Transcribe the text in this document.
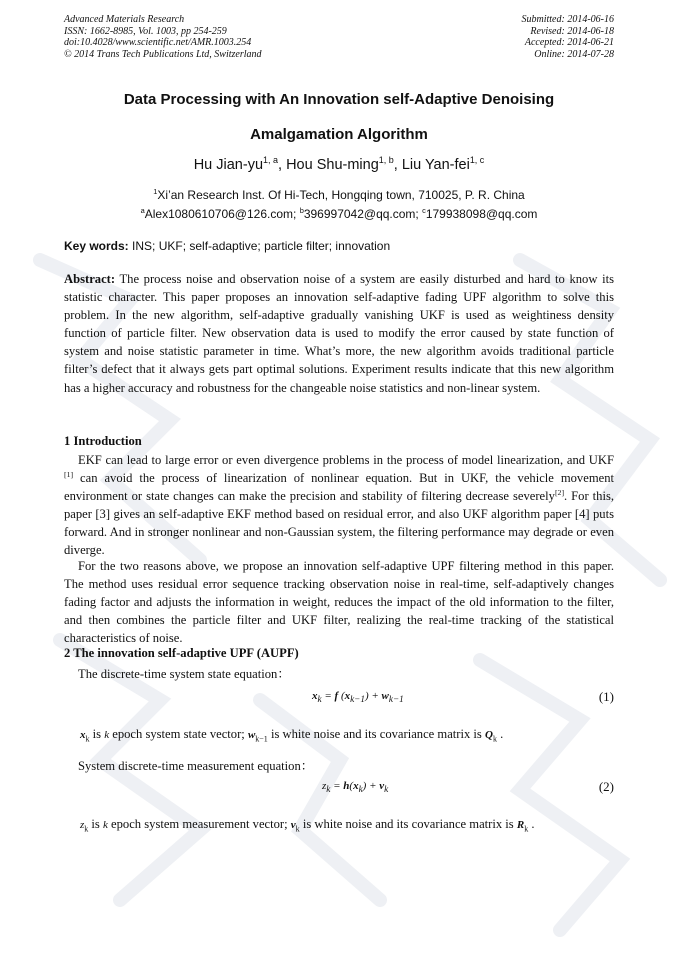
Advanced Materials Research
ISSN: 1662-8985, Vol. 1003, pp 254-259
doi:10.4028/www.scientific.net/AMR.1003.254
© 2014 Trans Tech Publications Ltd, Switzerland
Submitted: 2014-06-16
Revised: 2014-06-18
Accepted: 2014-06-21
Online: 2014-07-28
Data Processing with An Innovation self-Adaptive Denoising
Amalgamation Algorithm
Hu Jian-yu$^{1, a}$, Hou Shu-ming$^{1, b}$, Liu Yan-fei$^{1, c}$
$^1$Xi’an Research Inst. Of Hi-Tech, Hongqing town, 710025, P. R. China
$^a$Alex1080610706@126.com; $^b$396997042@qq.com; $^c$179938098@qq.com
Key words: INS; UKF; self-adaptive; particle filter; innovation
Abstract: The process noise and observation noise of a system are easily disturbed and hard to know its statistic character. This paper proposes an innovation self-adaptive fading UPF algorithm to solve this problem. In the new algorithm, self-adaptive gradually vanishing UKF is used as weightiness density function of particle filter. New observation data is used to modify the error caused by state function of system and noise statistic parameter in time. What’s more, the new algorithm avoids traditional particle filter’s defect that it always gets part optimal solutions. Experiment results indicate that this new algorithm has a higher accuracy and robustness for the changeable noise statistics and non-linear system.
1 Introduction
EKF can lead to large error or even divergence problems in the process of model linearization, and UKF [1] can avoid the process of linearization of nonlinear equation. But in UKF, the vehicle movement environment or state changes can make the precision and stability of filtering decrease severely[2]. For this, paper [3] gives an self-adaptive EKF method based on residual error, and also UKF algorithm paper [4] puts forward. And in stronger nonlinear and non-Gaussian system, the filtering performance may degrade or even diverge.
For the two reasons above, we propose an innovation self-adaptive UPF filtering method in this paper. The method uses residual error sequence tracking observation noise in real-time, self-adaptively changes fading factor and adjusts the information in weight, reduces the impact of the old information to the filter, and then combines the particle filter and UKF filter, realizing the real-time tracking of the statistical characteristics of noise.
2 The innovation self-adaptive UPF (AUPF)
The discrete-time system state equation：
$x_k = f$ $(x_{k-1}) + w_{k-1}$	(1)
$x_k$ is k epoch system state vector; $w_{k-1}$ is white noise and its covariance matrix is $Q_k$ .
System discrete-time measurement equation：
$z_k = h(x_k) + v_k$	(2)
$z_k$ is k epoch system measurement vector; $v_k$ is white noise and its covariance matrix is $R_k$ .
